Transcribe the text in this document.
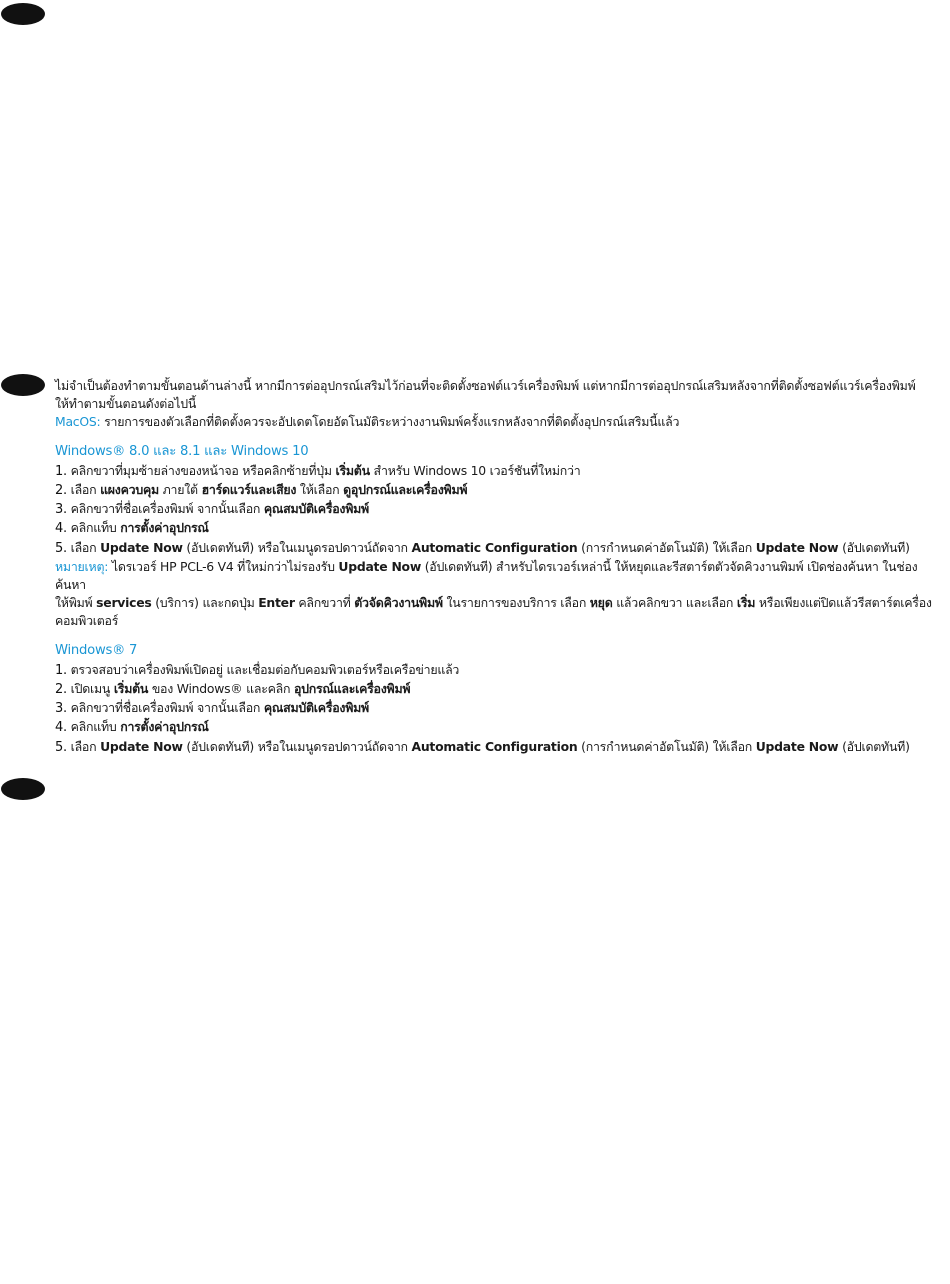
ไม่จำเป็นต้องทำตามขั้นตอนด้านล่างนี้ หากมีการต่ออุปกรณ์เสริมไว้ก่อนที่จะติดตั้งซอฟต์แวร์เครื่องพิมพ์ แต่หากมีการต่ออุปกรณ์เสริมหลังจากที่ติดตั้งซอฟต์แวร์เครื่องพิมพ์
ให้ทำตามขั้นตอนดังต่อไปนี้

MacOS: รายการของตัวเลือกที่ติดตั้งควรจะอัปเดตโดยอัตโนมัติระหว่างงานพิมพ์ครั้งแรกหลังจากที่ติดตั้งอุปกรณ์เสริมนี้แล้ว

Windows® 8.0 และ 8.1 และ Windows 10

1. คลิกขวาที่มุมซ้ายล่างของหน้าจอ หรือคลิกซ้ายที่ปุ่ม เริ่มต้น สำหรับ Windows 10 เวอร์ชันที่ใหม่กว่า
2. เลือก แผงควบคุม ภายใต้ ฮาร์ดแวร์และเสียง ให้เลือก ดูอุปกรณ์และเครื่องพิมพ์
3. คลิกขวาที่ชื่อเครื่องพิมพ์ จากนั้นเลือก คุณสมบัติเครื่องพิมพ์
4. คลิกแท็บ การตั้งค่าอุปกรณ์
5. เลือก Update Now (อัปเดตทันที) หรือในเมนูดรอปดาวน์ถัดจาก Automatic Configuration (การกำหนดค่าอัตโนมัติ) ให้เลือก Update Now (อัปเดตทันที)

หมายเหตุ: ไดรเวอร์ HP PCL-6 V4 ที่ใหม่กว่าไม่รองรับ Update Now (อัปเดตทันที) สำหรับไดรเวอร์เหล่านี้ ให้หยุดและรีสตาร์ตตัวจัดคิวงานพิมพ์ เปิดช่องค้นหา ในช่องค้นหา
ให้พิมพ์ services (บริการ) และกดปุ่ม Enter คลิกขวาที่ ตัวจัดคิวงานพิมพ์ ในรายการของบริการ เลือก หยุด แล้วคลิกขวา และเลือก เริ่ม หรือเพียงแต่ปิดแล้วรีสตาร์ตเครื่อง
คอมพิวเตอร์

Windows® 7

1. ตรวจสอบว่าเครื่องพิมพ์เปิดอยู่ และเชื่อมต่อกับคอมพิวเตอร์หรือเครือข่ายแล้ว
2. เปิดเมนู เริ่มต้น ของ Windows® และคลิก อุปกรณ์และเครื่องพิมพ์
3. คลิกขวาที่ชื่อเครื่องพิมพ์ จากนั้นเลือก คุณสมบัติเครื่องพิมพ์
4. คลิกแท็บ การตั้งค่าอุปกรณ์
5. เลือก Update Now (อัปเดตทันที) หรือในเมนูดรอปดาวน์ถัดจาก Automatic Configuration (การกำหนดค่าอัตโนมัติ) ให้เลือก Update Now (อัปเดตทันที)
